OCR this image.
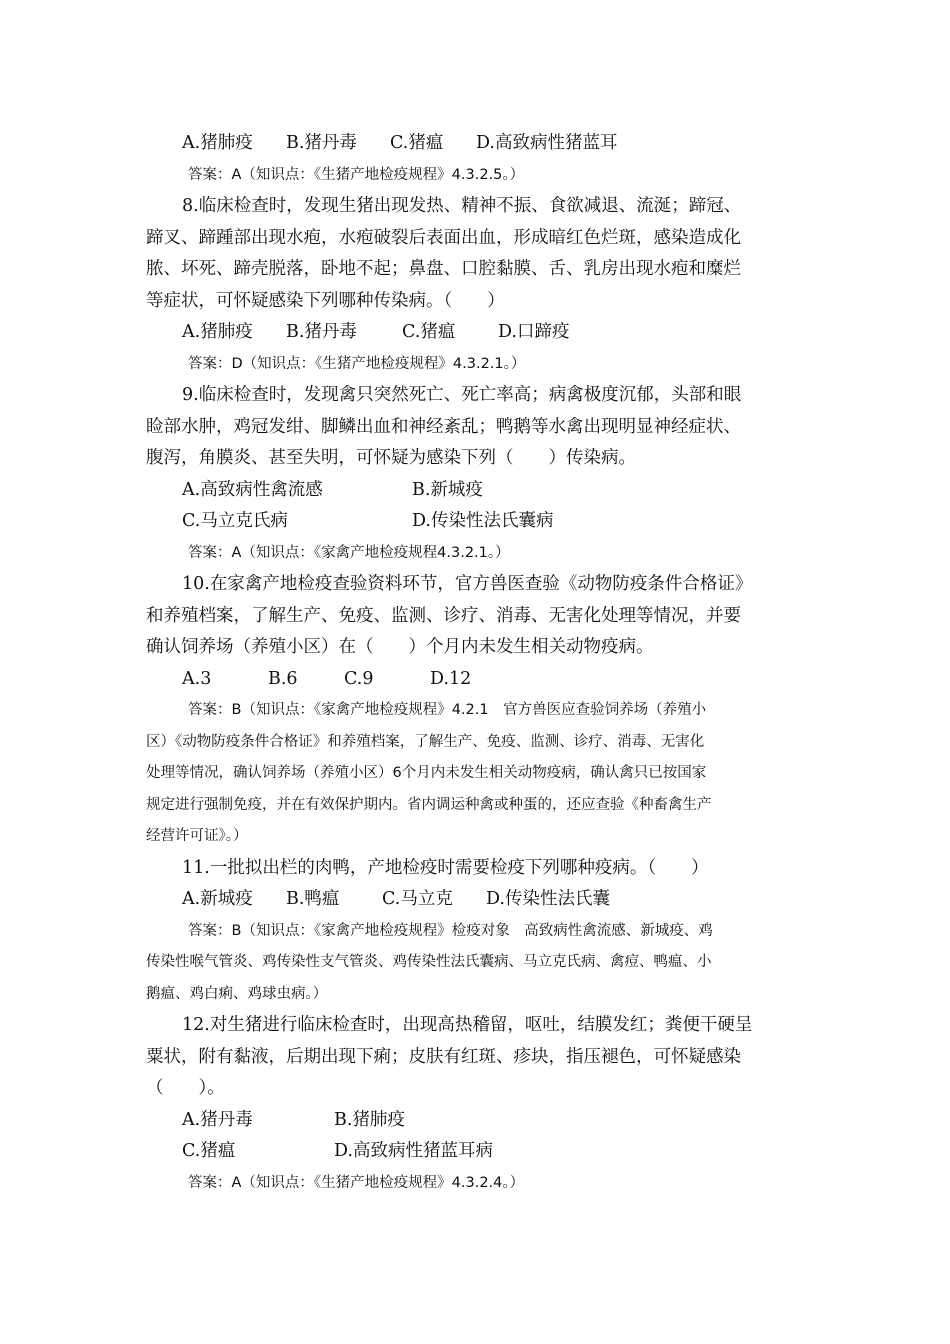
A.猪肺疫 B.猪丹毒 C.猪瘟 D.高致病性猪蓝耳
答案：A（知识点：《生猪产地检疫规程》4.3.2.5。）
8.临床检查时，发现生猪出现发热、精神不振、食欲减退、流涎；蹄冠、
蹄叉、蹄踵部出现水疱，水疱破裂后表面出血，形成暗红色烂斑，感染造成化
脓、坏死、蹄壳脱落，卧地不起；鼻盘、口腔黏膜、舌、乳房出现水疱和糜烂
等症状，可怀疑感染下列哪种传染病。（　　）
A.猪肺疫 B.猪丹毒	C.猪瘟 D.口蹄疫
答案：D（知识点：《生猪产地检疫规程》4.3.2.1。）
9.临床检查时，发现禽只突然死亡、死亡率高；病禽极度沉郁，头部和眼
睑部水肿，鸡冠发绀、脚鳞出血和神经紊乱；鸭鹅等水禽出现明显神经症状、
腹泻，角膜炎、甚至失明，可怀疑为感染下列（　　）传染病。
A.高致病性禽流感	B.新城疫
C.马立克氏病	D.传染性法氏囊病
答案：A（知识点：《家禽产地检疫规程4.3.2.1。）
10.在家禽产地检疫查验资料环节，官方兽医查验《动物防疫条件合格证》
和养殖档案，了解生产、免疫、监测、诊疗、消毒、无害化处理等情况，并要
确认饲养场（养殖小区）在（　　）个月内未发生相关动物疫病。
A.3	B.6	C.9	D.12
答案：B（知识点：《家禽产地检疫规程》4.2.1　官方兽医应查验饲养场（养殖小
区）《动物防疫条件合格证》和养殖档案，了解生产、免疫、监测、诊疗、消毒、无害化
处理等情况，确认饲养场（养殖小区）6个月内未发生相关动物疫病，确认禽只已按国家
规定进行强制免疫，并在有效保护期内。省内调运种禽或种蛋的，还应查验《种畜禽生产
经营许可证》。）
11.一批拟出栏的肉鸭，产地检疫时需要检疫下列哪种疫病。（　　）
A.新城疫 B.鸭瘟 C.马立克 D.传染性法氏囊
答案：B（知识点：《家禽产地检疫规程》检疫对象　高致病性禽流感、新城疫、鸡
传染性喉气管炎、鸡传染性支气管炎、鸡传染性法氏囊病、马立克氏病、禽痘、鸭瘟、小
鹅瘟、鸡白痢、鸡球虫病。）
12.对生猪进行临床检查时，出现高热稽留，呕吐，结膜发红；粪便干硬呈
粟状，附有黏液，后期出现下痢；皮肤有红斑、疹块，指压褪色，可怀疑感染
（　　）。
A.猪丹毒	B.猪肺疫
C.猪瘟	D.高致病性猪蓝耳病
答案：A（知识点：《生猪产地检疫规程》4.3.2.4。）
